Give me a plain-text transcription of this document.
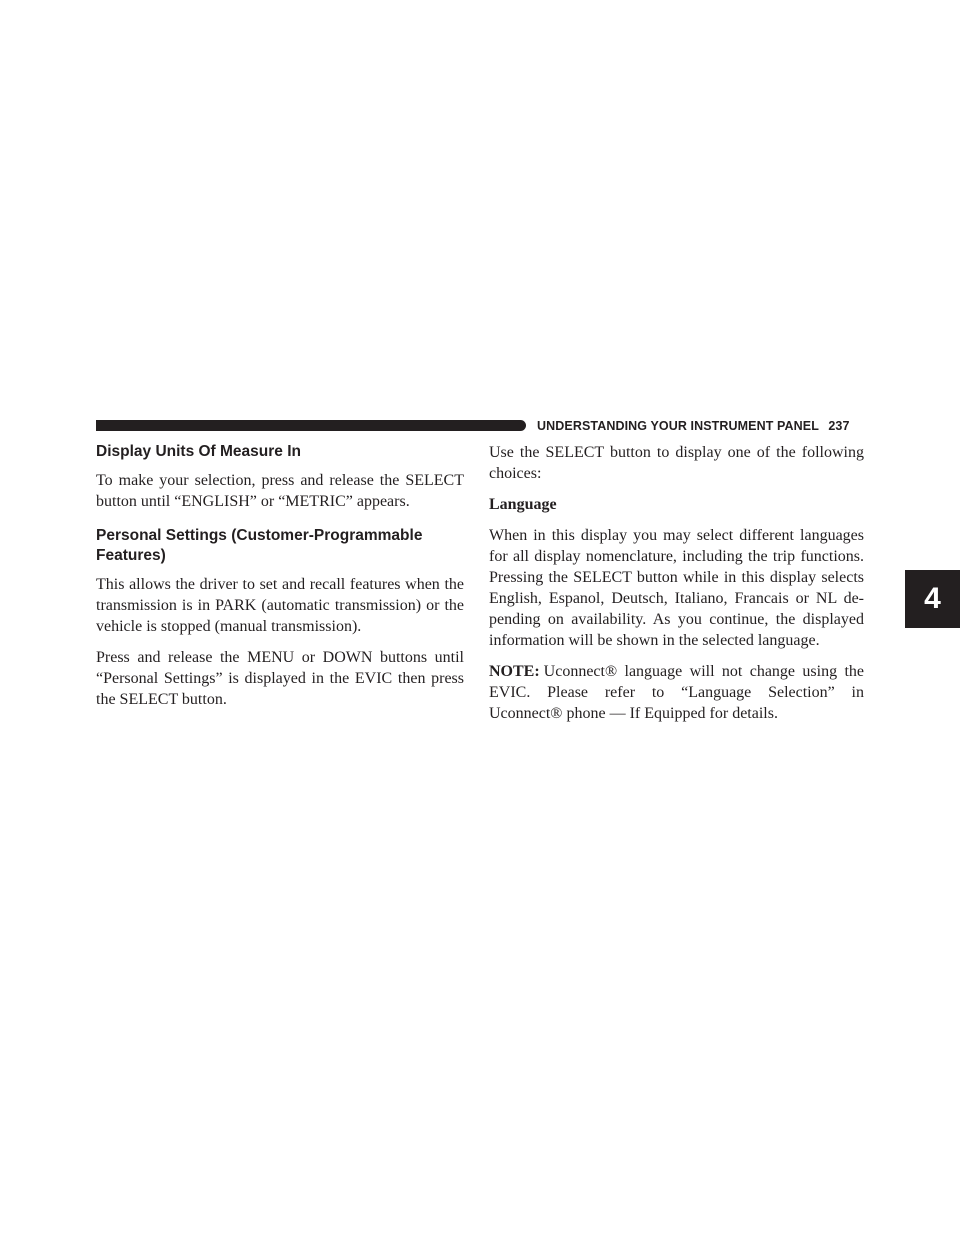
UNDERSTANDING YOUR INSTRUMENT PANEL 237
4
Display Units Of Measure In

To make your selection, press and release the SELECT button until “ENGLISH” or “METRIC” appears.

Personal Settings (Customer-Programmable Features)

This allows the driver to set and recall features when the transmission is in PARK (automatic transmission) or the vehicle is stopped (manual transmission).

Press and release the MENU or DOWN buttons until “Personal Settings” is displayed in the EVIC then press the SELECT button.

Use the SELECT button to display one of the following choices:

Language

When in this display you may select different languages for all display nomenclature, including the trip functions. Pressing the SELECT button while in this display selects English, Espanol, Deutsch, Italiano, Francais or NL de-pending on availability. As you continue, the displayed information will be shown in the selected language.

NOTE: Uconnect® language will not change using the EVIC. Please refer to “Language Selection” in Uconnect® phone — If Equipped for details.
